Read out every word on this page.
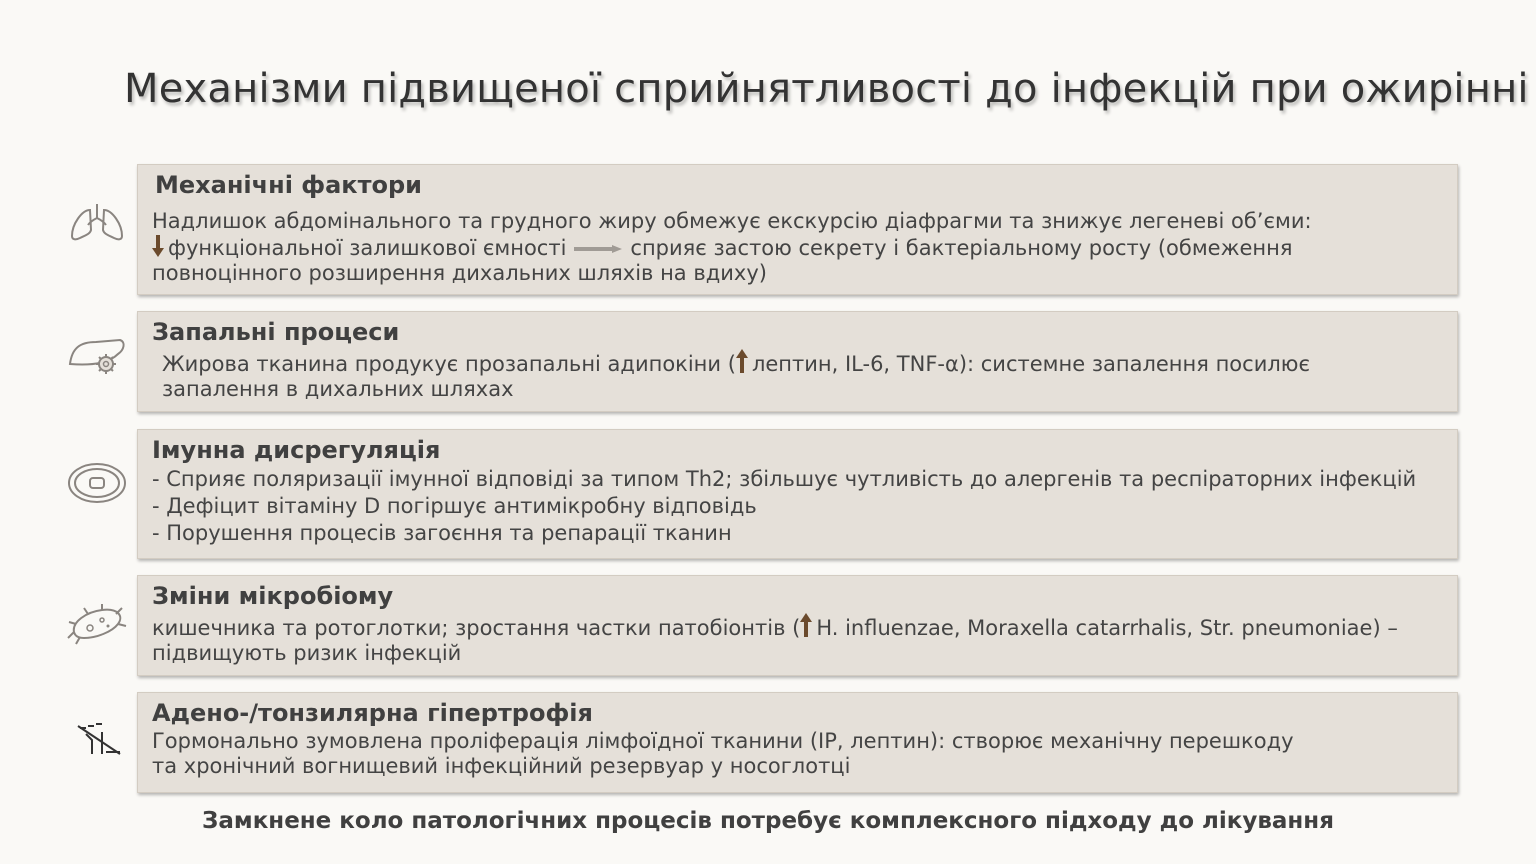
Механізми підвищеної сприйнятливості до інфекцій при ожирінні
Механічні фактори

Надлишок абдомінального та грудного жиру обмежує екскурсію діафрагми та знижує легеневі об’єми:

функціональної залишкової ємності	сприяє застою секрету і бактеріальному росту (обмеження

повноцінного розширення дихальних шляхів на вдиху)

Запальні процеси

Жирова тканина продукує прозапальні адипокіни ( лептин, IL-6, TNF-α): системне запалення посилює

запалення в дихальних шляхах

Імунна дисрегуляція

- Сприяє поляризації імунної відповіді за типом Th2; збільшує чутливість до алергенів та респіраторних інфекцій

- Дефіцит вітаміну D погіршує антимікробну відповідь

- Порушення процесів загоєння та репарації тканин

Зміни мікробіому

кишечника та ротоглотки; зростання частки патобіонтів ( H. influenzae, Moraxella catarrhalis, Str. pneumoniae) –

підвищують ризик інфекцій

Адено-/тонзилярна гіпертрофія

Гормонально зумовлена проліферація лімфоїдної тканини (IP, лептин): створює механічну перешкоду

та хронічний вогнищевий інфекційний резервуар у носоглотці

Замкнене коло патологічних процесів потребує комплексного підходу до лікування
